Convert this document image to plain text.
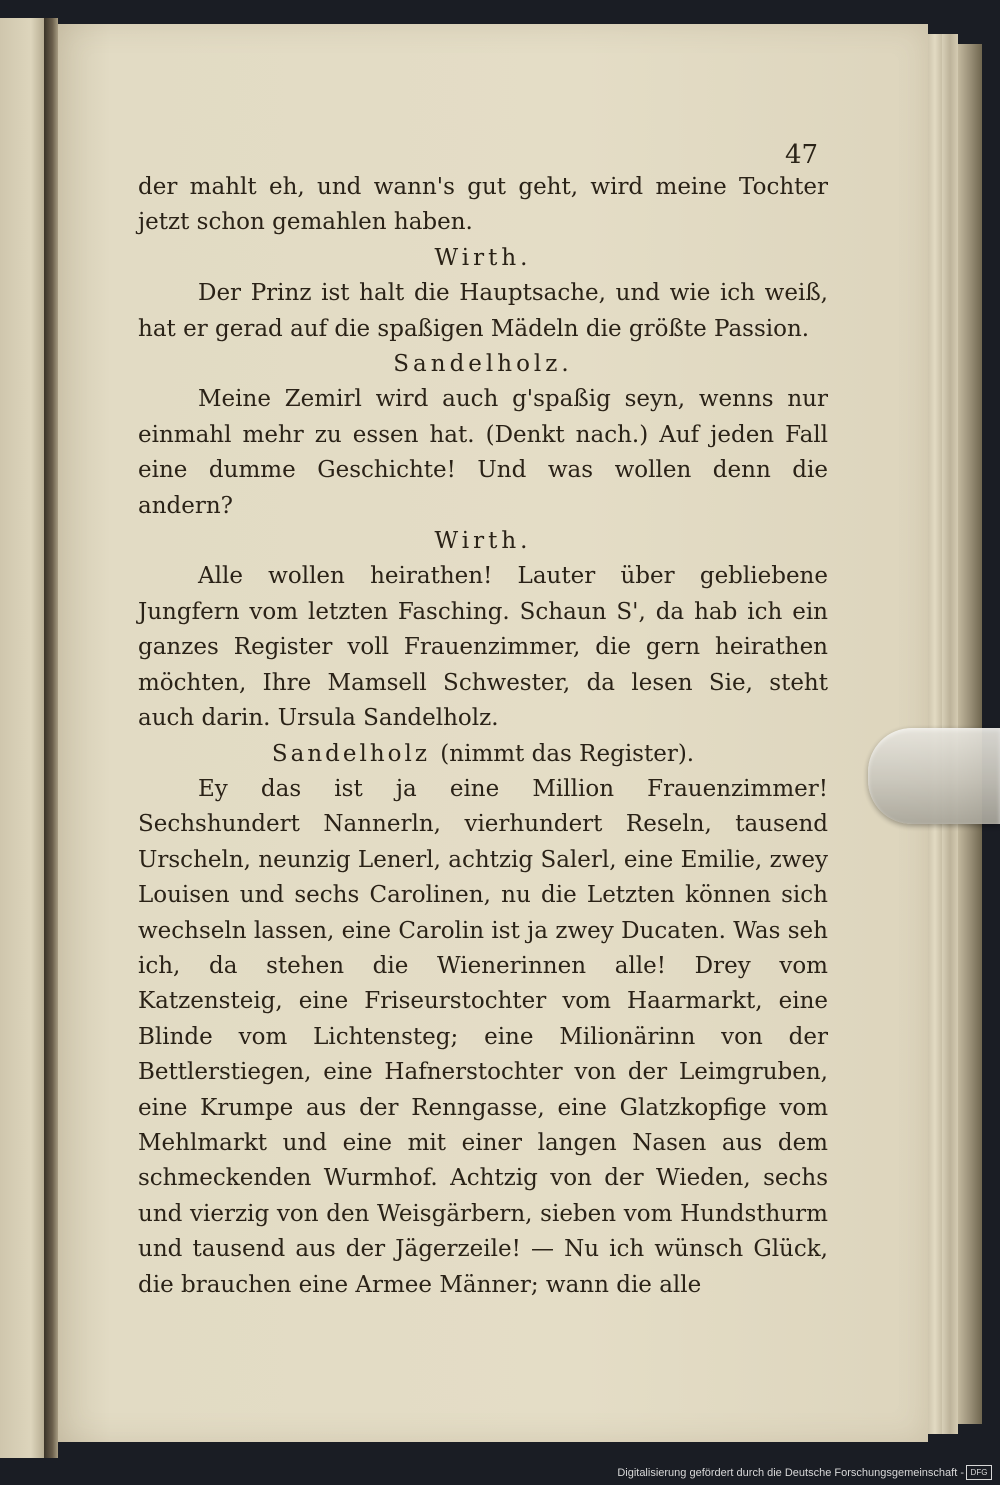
47

der mahlt eh, und wann's gut geht, wird meine Tochter jetzt schon gemahlen haben.

Wirth.

Der Prinz ist halt die Hauptsache, und wie ich weiß, hat er gerad auf die spaßigen Mädeln die größte Passion.

Sandelholz.

Meine Zemirl wird auch g'spaßig seyn, wenns nur einmahl mehr zu essen hat. (Denkt nach.) Auf jeden Fall eine dumme Geschichte! Und was wollen denn die andern?

Wirth.

Alle wollen heirathen! Lauter über gebliebene Jungfern vom letzten Fasching. Schaun S', da hab ich ein ganzes Register voll Frauenzimmer, die gern heirathen möchten, Ihre Mamsell Schwester, da lesen Sie, steht auch darin. Ursula Sandelholz.

Sandelholz (nimmt das Register).

Ey das ist ja eine Million Frauenzimmer! Sechshundert Nannerln, vierhundert Reseln, tausend Urscheln, neunzig Lenerl, achtzig Salerl, eine Emilie, zwey Louisen und sechs Carolinen, nu die Letzten können sich wechseln lassen, eine Carolin ist ja zwey Ducaten. Was seh ich, da stehen die Wienerinnen alle! Drey vom Katzensteig, eine Friseurstochter vom Haarmarkt, eine Blinde vom Lichtensteg; eine Milionärinn von der Bettlerstiegen, eine Hafnerstochter von der Leimgruben, eine Krumpe aus der Renngasse, eine Glatzkopfige vom Mehlmarkt und eine mit einer langen Nasen aus dem schmeckenden Wurmhof. Achtzig von der Wieden, sechs und vierzig von den Weisgärbern, sieben vom Hundsthurm und tausend aus der Jägerzeile! — Nu ich wünsch Glück, die brauchen eine Armee Männer; wann die alle

Digitalisierung gefördert durch die Deutsche Forschungsgemeinschaft - DFG
